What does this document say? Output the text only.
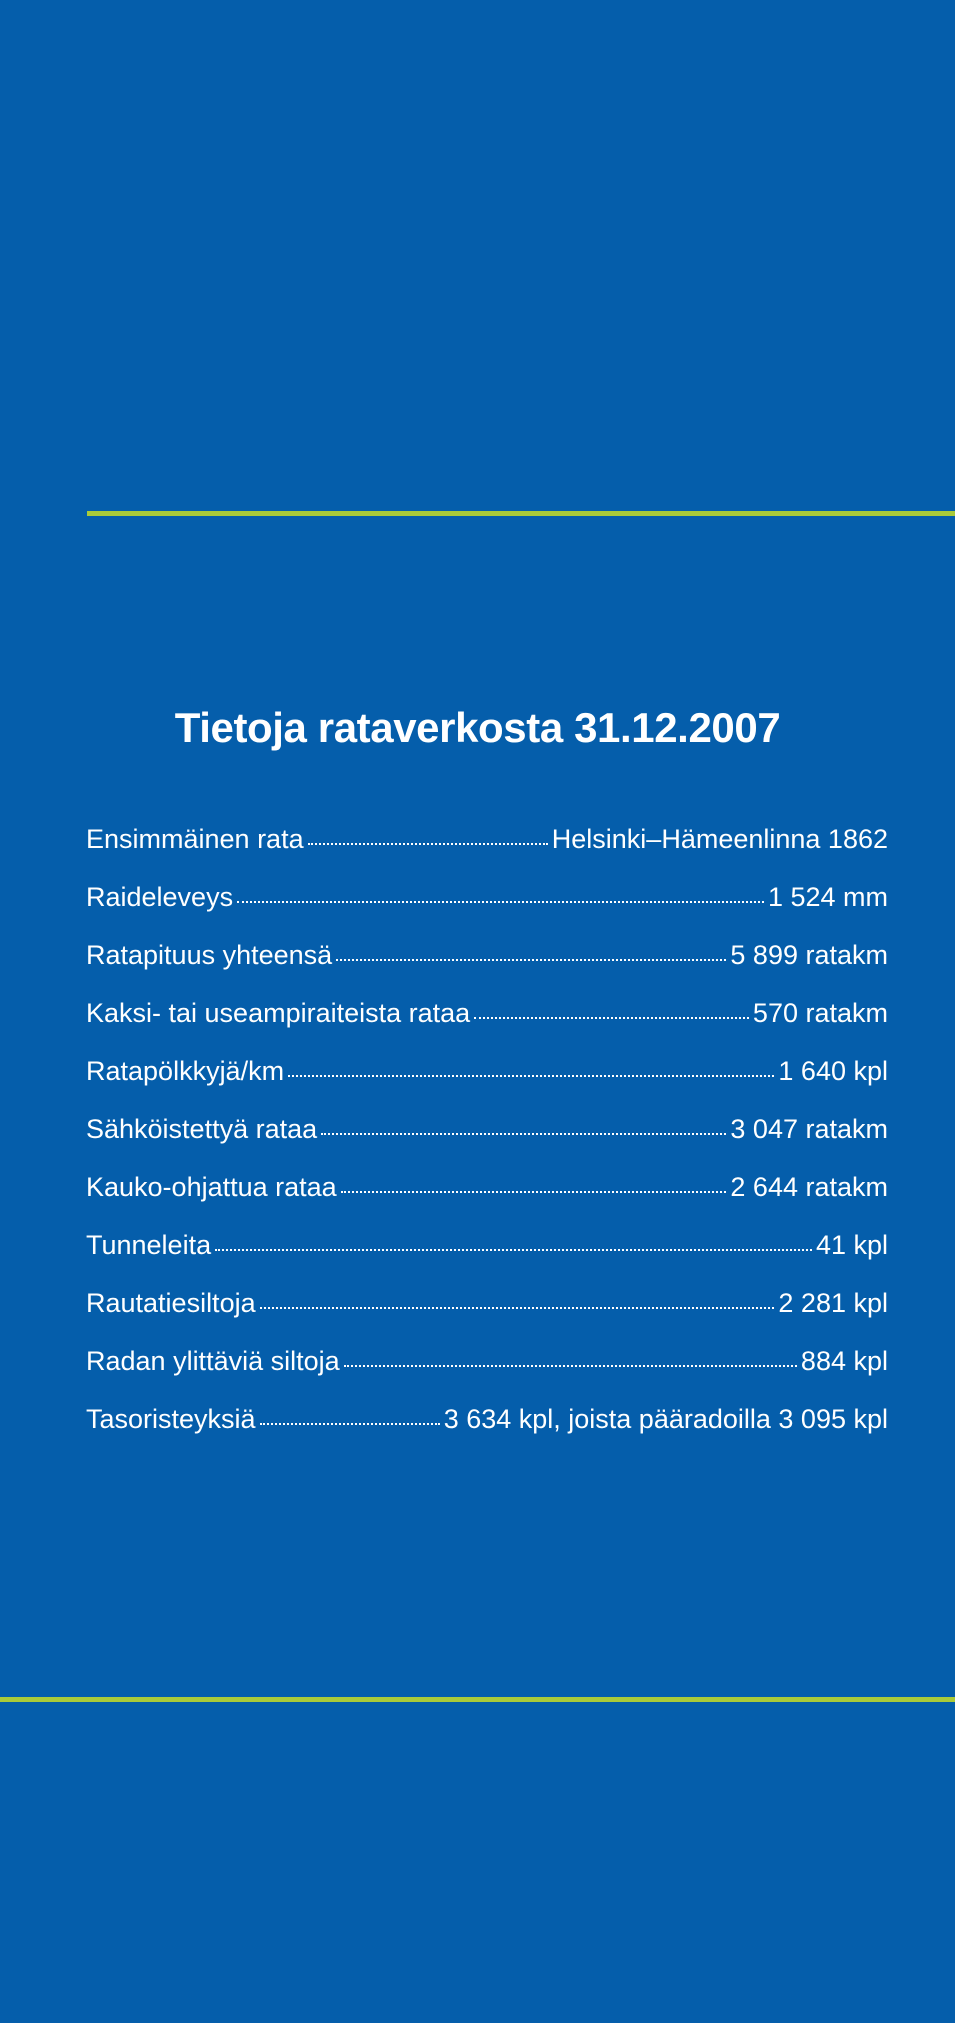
Tietoja rataverkosta 31.12.2007
Ensimmäinen rata	Helsinki–Hämeenlinna 1862
Raideleveys	1 524 mm
Ratapituus yhteensä	5 899 ratakm
Kaksi- tai useampiraiteista rataa	570 ratakm
Ratapölkkyjä/km	1 640 kpl
Sähköistettyä rataa	3 047 ratakm
Kauko-ohjattua rataa	2 644 ratakm
Tunneleita	41 kpl
Rautatiesiltoja	2 281 kpl
Radan ylittäviä siltoja	884 kpl
Tasoristeyksiä	3 634 kpl, joista pääradoilla 3 095 kpl
